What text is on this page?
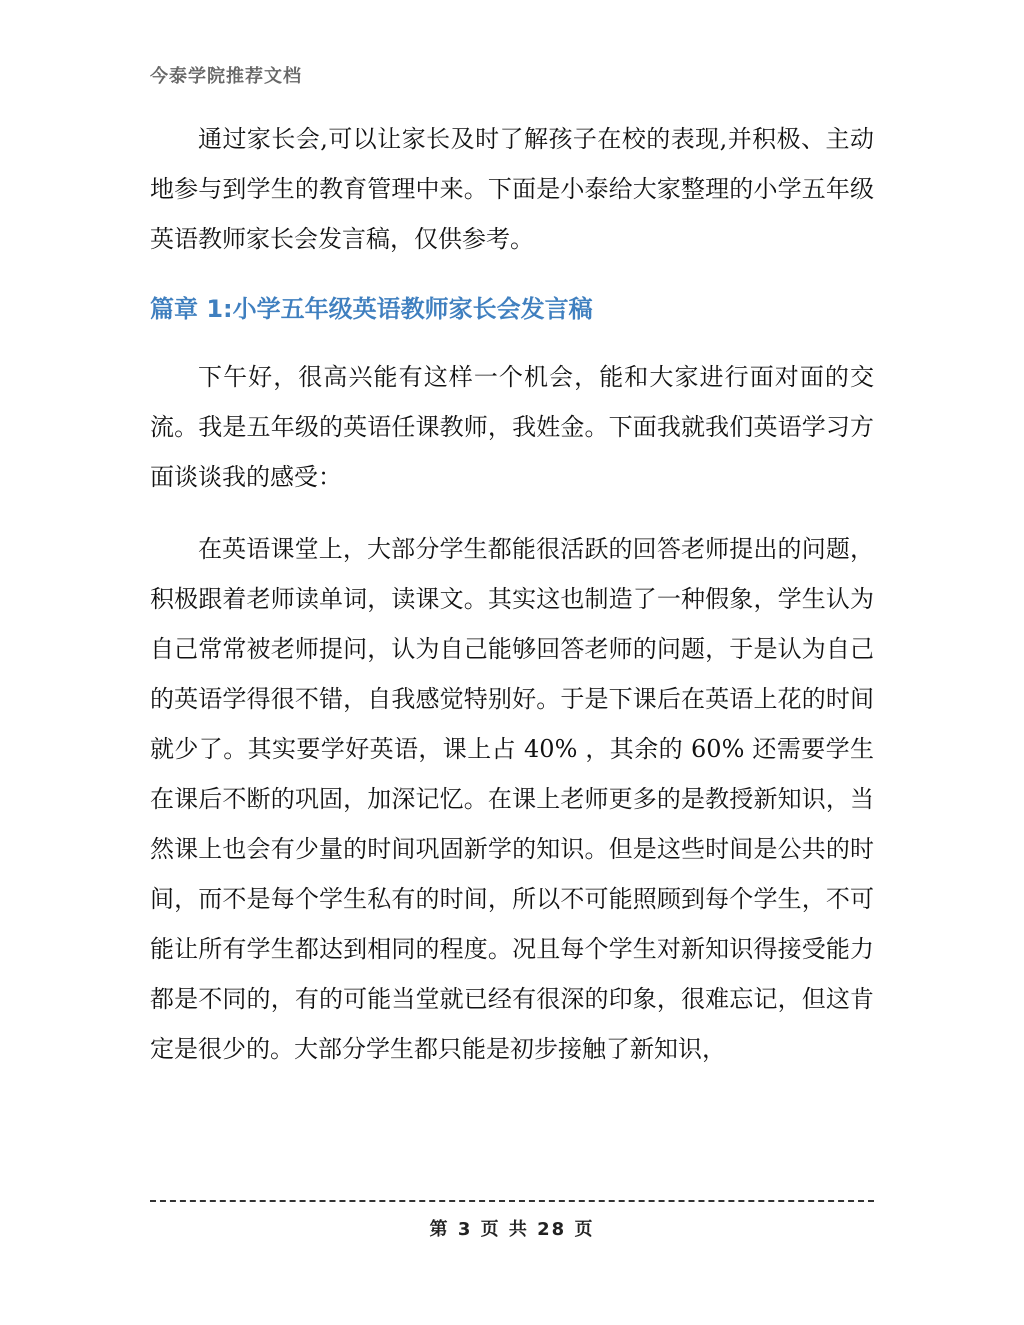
今泰学院推荐文档

通过家长会,可以让家长及时了解孩子在校的表现,并积极、主动地参与到学生的教育管理中来。下面是小泰给大家整理的小学五年级英语教师家长会发言稿，仅供参考。

篇章 1:小学五年级英语教师家长会发言稿

下午好，很高兴能有这样一个机会，能和大家进行面对面的交流。我是五年级的英语任课教师，我姓金。下面我就我们英语学习方面谈谈我的感受：

在英语课堂上，大部分学生都能很活跃的回答老师提出的问题，积极跟着老师读单词，读课文。其实这也制造了一种假象，学生认为自己常常被老师提问，认为自己能够回答老师的问题，于是认为自己的英语学得很不错，自我感觉特别好。于是下课后在英语上花的时间就少了。其实要学好英语，课上占 40% ，其余的 60% 还需要学生在课后不断的巩固，加深记忆。在课上老师更多的是教授新知识，当然课上也会有少量的时间巩固新学的知识。但是这些时间是公共的时间，而不是每个学生私有的时间，所以不可能照顾到每个学生，不可能让所有学生都达到相同的程度。况且每个学生对新知识得接受能力都是不同的，有的可能当堂就已经有很深的印象，很难忘记，但这肯定是很少的。大部分学生都只能是初步接触了新知识，

第 3 页 共 28 页
